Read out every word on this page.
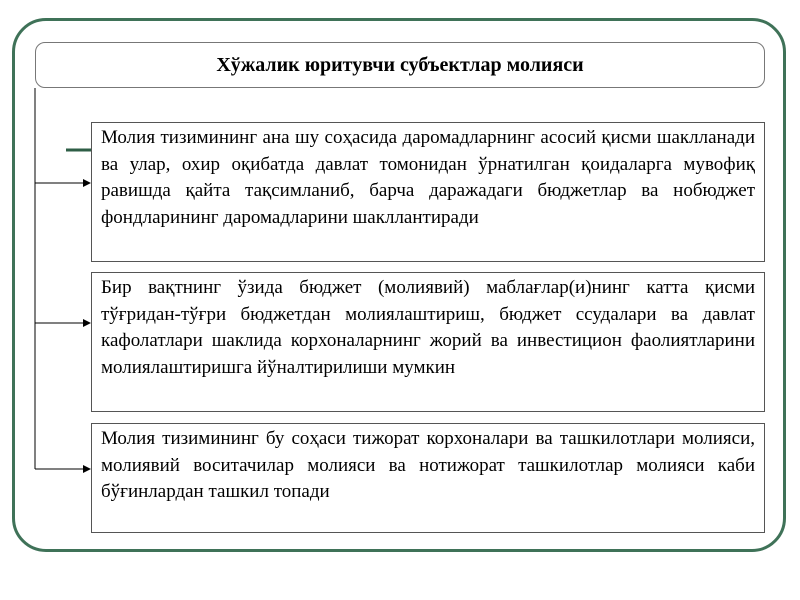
Хўжалик юритувчи субъектлар молияси

Молия тизимининг ана шу соҳасида даромадларнинг асосий қисми шаклланади ва улар, охир оқибатда давлат томонидан ўрнатилган қоидаларга мувофиқ равишда қайта тақсимланиб, барча даражадаги бюджетлар ва нобюджет фондларининг даромадларини шакллантиради

Бир вақтнинг ўзида бюджет (молиявий) маблағлар(и)нинг катта қисми тўғридан-тўғри бюджетдан молиялаштириш, бюджет ссудалари ва давлат кафолатлари шаклида корхоналарнинг жорий ва инвестицион фаолиятларини молиялаштиришга йўналтирилиши мумкин

Молия тизимининг бу соҳаси тижорат корхоналари ва ташкилотлари молияси, молиявий воситачилар молияси ва нотижорат ташкилотлар молияси каби бўғинлардан ташкил топади
